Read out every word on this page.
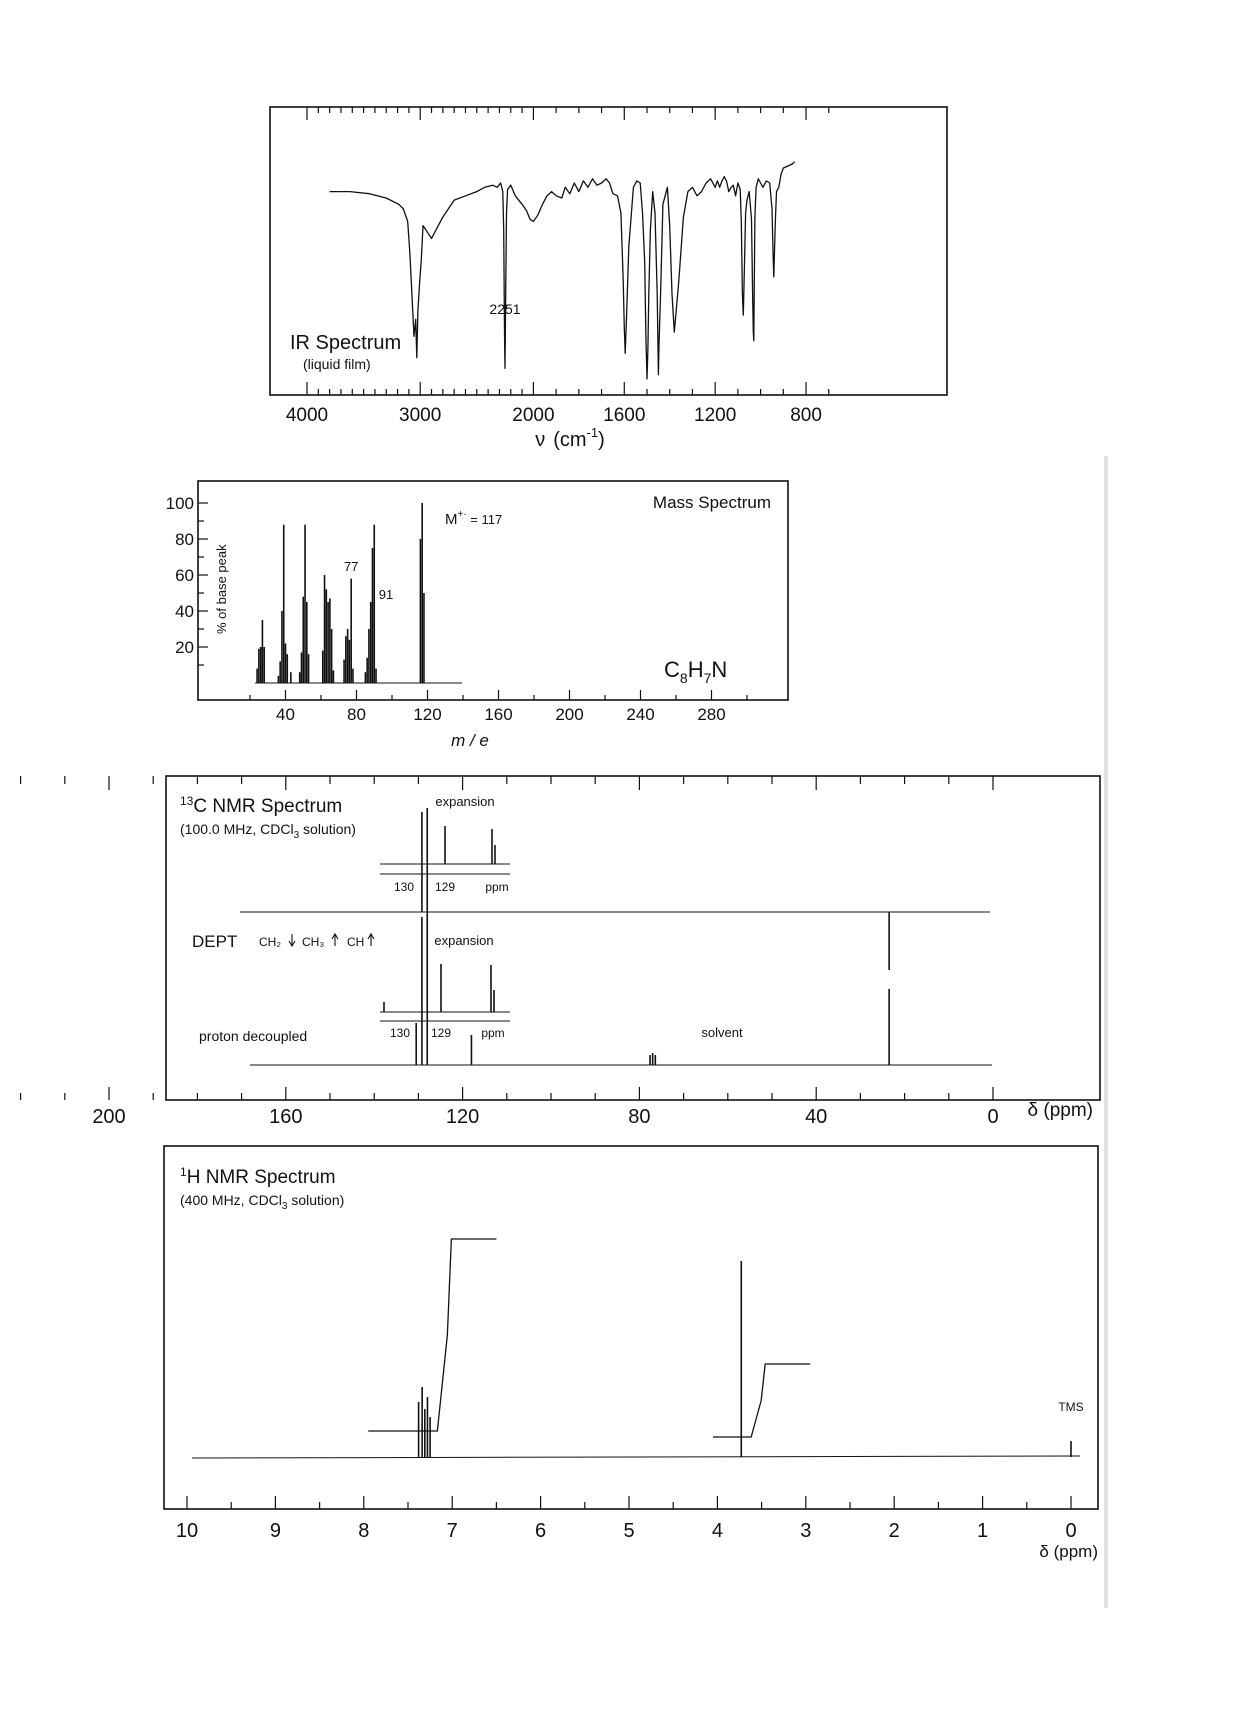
4000	3000	2000	1600	1200	800
2251
IR Spectrum
(liquid film)
ν $(cm^{-1})$
100
80
60
40
20
40	80	120	160	200	240	280
% of base peak
m / e
Mass Spectrum
M+· = 117
77
91
$C_8H_7N$
200	160	120	80	40	0 δ (ppm)
$^{13}$C NMR Spectrum
(100.0 MHz, CDCl$_3$ solution)
expansion
130 129	ppm
DEPT CH₂ CH₃ CH	expansion
130 129	ppm
proton decoupled	solvent
10	9	8	7	6	5	4	3	2	1	0
δ (ppm)
$^1$H NMR Spectrum
(400 MHz, CDCl$_3$ solution)
TMS
